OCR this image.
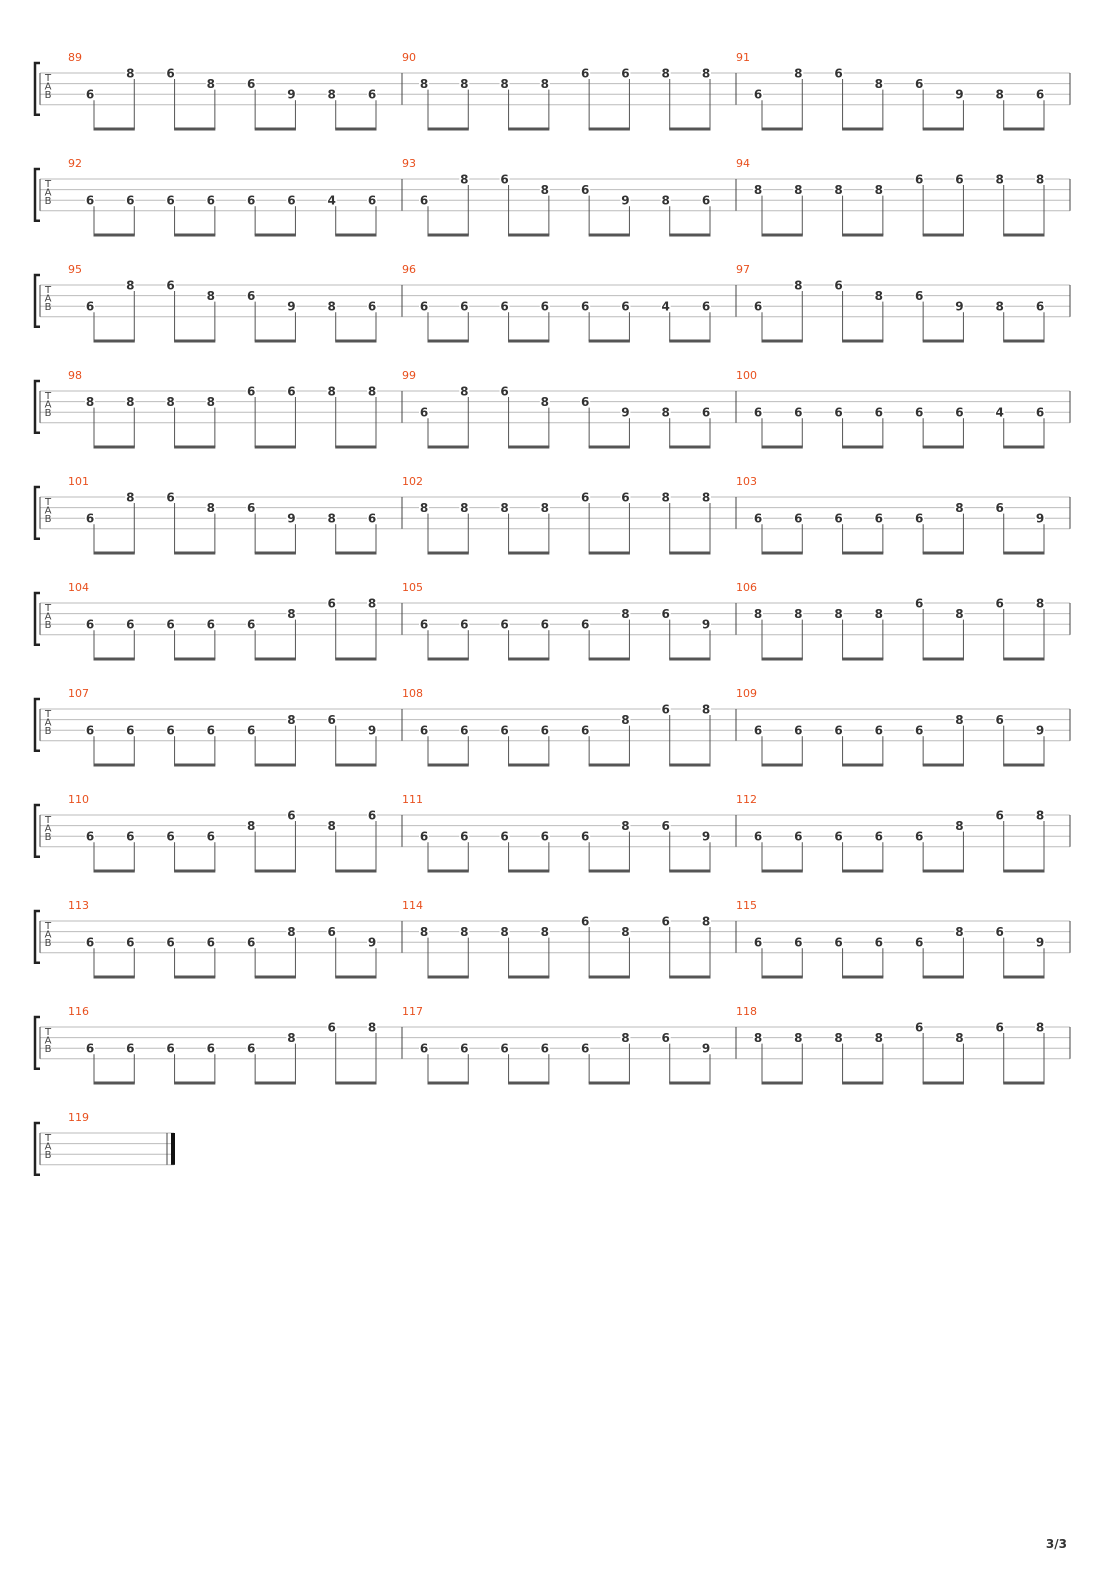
T
A
B
89
6
8	6
8	6
9	8	6
90
8	8	8	8
6	6	8	8
91
6
8	6
8	6
9	8	6
T
A
B
92
6	6	6	6	6	6	4	6
93
6
8	6
8	6
9	8	6
94
8	8	8	8
6	6	8	8
T
A
B
95
6
8	6
8	6
9	8	6
96
6	6	6	6	6	6	4	6
97
6
8	6
8	6
9	8	6
T
A
B
98
8	8	8	8
6	6	8	8
99
6
8	6
8	6
9	8	6
100
6	6	6	6	6	6	4	6
T
A
B
101
6
8	6
8	6
9	8	6
102
8	8	8	8
6	6	8	8
103
6	6	6	6	6
8	6
9
T
A
B
104
6	6	6	6	6
8
6	8
105
6	6	6	6	6
8	6
9
106
8	8	8	8
6
8
6	8
T
A
B
107
6	6	6	6	6
8	6
9
108
6	6	6	6	6
8
6	8
109
6	6	6	6	6
8	6
9
T
A
B
110
6	6	6	6
8
6
8
6
111
6	6	6	6	6
8	6
9
112
6	6	6	6	6
8
6	8
T
A
B
113
6	6	6	6	6
8	6
9
114
8	8	8	8
6
8
6	8
115
6	6	6	6	6
8	6
9
T
A
B
116
6	6	6	6	6
8
6	8
117
6	6	6	6	6
8	6
9
118
8	8	8	8
6
8
6	8
T
A
B
119
3/3
